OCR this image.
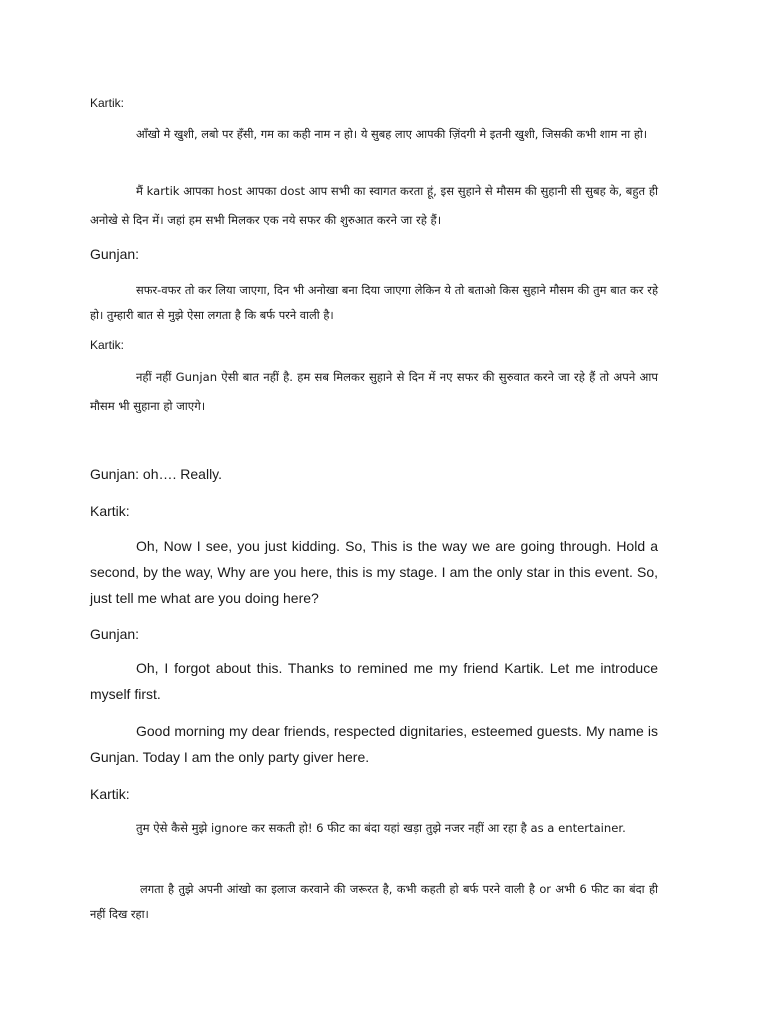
Kartik:

आँखो मे खुशी, लबो पर हँसी, गम का कही नाम न हो। ये सुबह लाए आपकी ज़िंदगी मे इतनी खुशी, जिसकी कभी शाम ना हो।

मैं kartik आपका host आपका dost आप सभी का स्वागत करता हूं, इस सुहाने से मौसम की सुहानी सी सुबह के, बहुत ही अनोखे से दिन में। जहां हम सभी मिलकर एक नये सफर की शुरुआत करने जा रहे हैं।

Gunjan:

सफर-वफर तो कर लिया जाएगा, दिन भी अनोखा बना दिया जाएगा लेकिन ये तो बताओ किस सुहाने मौसम की तुम बात कर रहे हो। तुम्हारी बात से मुझे ऐसा लगता है कि बर्फ परने वाली है।

Kartik:

नहीं नहीं Gunjan ऐसी बात नहीं है. हम सब मिलकर सुहाने से दिन में नए सफर की सुरुवात करने जा रहे हैं तो अपने आप मौसम भी सुहाना हो जाएगे।

Gunjan: oh…. Really.

Kartik:

Oh, Now I see, you just kidding. So, This is the way we are going through. Hold a second, by the way, Why are you here, this is my stage. I am the only star in this event. So, just tell me what are you doing here?

Gunjan:

Oh, I forgot about this. Thanks to remined me my friend Kartik. Let me introduce myself first.

Good morning my dear friends, respected dignitaries, esteemed guests. My name is Gunjan. Today I am the only party giver here.

Kartik:

तुम ऐसे कैसे मुझे ignore कर सकती हो! 6 फीट का बंदा यहां खड़ा तुझे नजर नहीं आ रहा है as a entertainer.

लगता है तुझे अपनी आंखो का इलाज करवाने की जरूरत है, कभी कहती हो बर्फ परने वाली है or अभी 6 फीट का बंदा ही नहीं दिख रहा।
